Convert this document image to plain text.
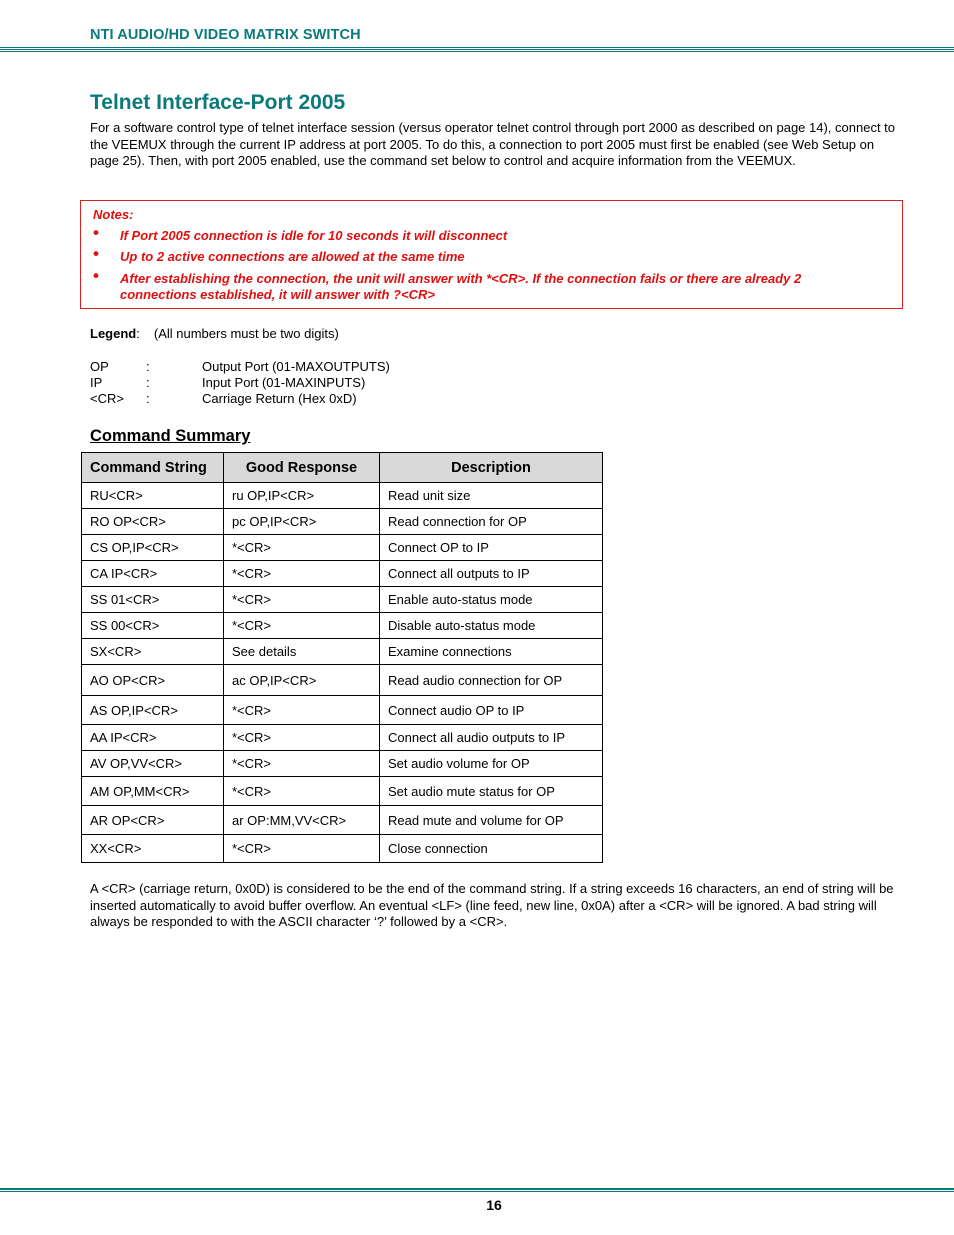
NTI AUDIO/HD VIDEO MATRIX SWITCH
Telnet Interface-Port 2005

For a software control type of telnet interface session (versus operator telnet control through port 2000 as described on page 14), connect to the VEEMUX through the current IP address at port 2005. To do this, a connection to port 2005 must first be enabled (see Web Setup on page 25). Then, with port 2005 enabled, use the command set below to control and acquire information from the VEEMUX.

Notes:
• If Port 2005 connection is idle for 10 seconds it will disconnect
• Up to 2 active connections are allowed at the same time
• After establishing the connection, the unit will answer with *<CR>. If the connection fails or there are already 2 connections established, it will answer with ?<CR>
Legend: (All numbers must be two digits)
OP	:	Output Port (01-MAXOUTPUTS)
IP	:	Input Port (01-MAXINPUTS)
<CR> :	Carriage Return (Hex 0xD)
Command Summary
Command String	Good Response	Description
RU<CR>	ru OP,IP<CR>	Read unit size
RO OP<CR>	pc OP,IP<CR>	Read connection for OP
CS OP,IP<CR>	*<CR>	Connect OP to IP
CA IP<CR>	*<CR>	Connect all outputs to IP
SS 01<CR>	*<CR>	Enable auto-status mode
SS 00<CR>	*<CR>	Disable auto-status mode
SX<CR>	See details	Examine connections
AO OP<CR>	ac OP,IP<CR>	Read audio connection for OP
AS OP,IP<CR>	*<CR>	Connect audio OP to IP
AA IP<CR>	*<CR>	Connect all audio outputs to IP
AV OP,VV<CR>	*<CR>	Set audio volume for OP
AM OP,MM<CR>	*<CR>	Set audio mute status for OP
AR OP<CR>	ar OP:MM,VV<CR>	Read mute and volume for OP
XX<CR>	*<CR>	Close connection

A <CR> (carriage return, 0x0D) is considered to be the end of the command string. If a string exceeds 16 characters, an end of string will be inserted automatically to avoid buffer overflow. An eventual <LF> (line feed, new line, 0x0A) after a <CR> will be ignored. A bad string will always be responded to with the ASCII character ‘?’ followed by a <CR>.

16
